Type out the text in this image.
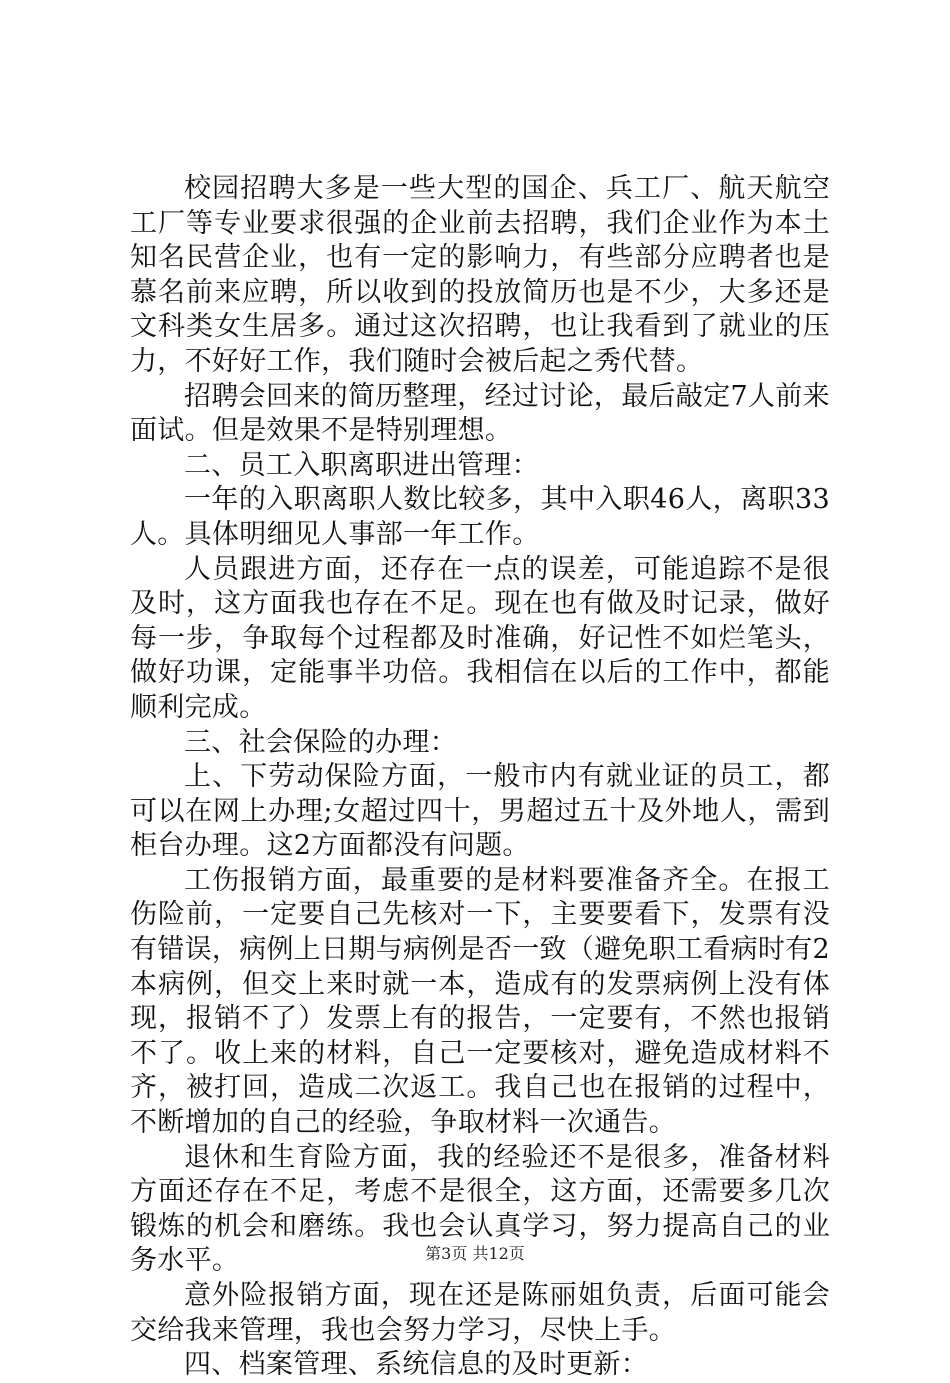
校园招聘大多是一些大型的国企、兵工厂、航天航空工厂等专业要求很强的企业前去招聘，我们企业作为本土知名民营企业，也有一定的影响力，有些部分应聘者也是慕名前来应聘，所以收到的投放简历也是不少，大多还是文科类女生居多。通过这次招聘，也让我看到了就业的压力，不好好工作，我们随时会被后起之秀代替。

招聘会回来的简历整理，经过讨论，最后敲定7人前来面试。但是效果不是特别理想。

二、员工入职离职进出管理：

一年的入职离职人数比较多，其中入职46人，离职33人。具体明细见人事部一年工作。

人员跟进方面，还存在一点的误差，可能追踪不是很及时，这方面我也存在不足。现在也有做及时记录，做好每一步，争取每个过程都及时准确，好记性不如烂笔头，做好功课，定能事半功倍。我相信在以后的工作中，都能顺利完成。

三、社会保险的办理：

上、下劳动保险方面，一般市内有就业证的员工，都可以在网上办理;女超过四十，男超过五十及外地人，需到柜台办理。这2方面都没有问题。

工伤报销方面，最重要的是材料要准备齐全。在报工伤险前，一定要自己先核对一下，主要要看下，发票有没有错误，病例上日期与病例是否一致（避免职工看病时有2本病例，但交上来时就一本，造成有的发票病例上没有体现，报销不了）发票上有的报告，一定要有，不然也报销不了。收上来的材料，自己一定要核对，避免造成材料不齐，被打回，造成二次返工。我自己也在报销的过程中，不断增加的自己的经验，争取材料一次通告。

退休和生育险方面，我的经验还不是很多，准备材料方面还存在不足，考虑不是很全，这方面，还需要多几次锻炼的机会和磨练。我也会认真学习，努力提高自己的业务水平。

意外险报销方面，现在还是陈丽姐负责，后面可能会交给我来管理，我也会努力学习，尽快上手。

四、档案管理、系统信息的及时更新：

第3页 共12页
